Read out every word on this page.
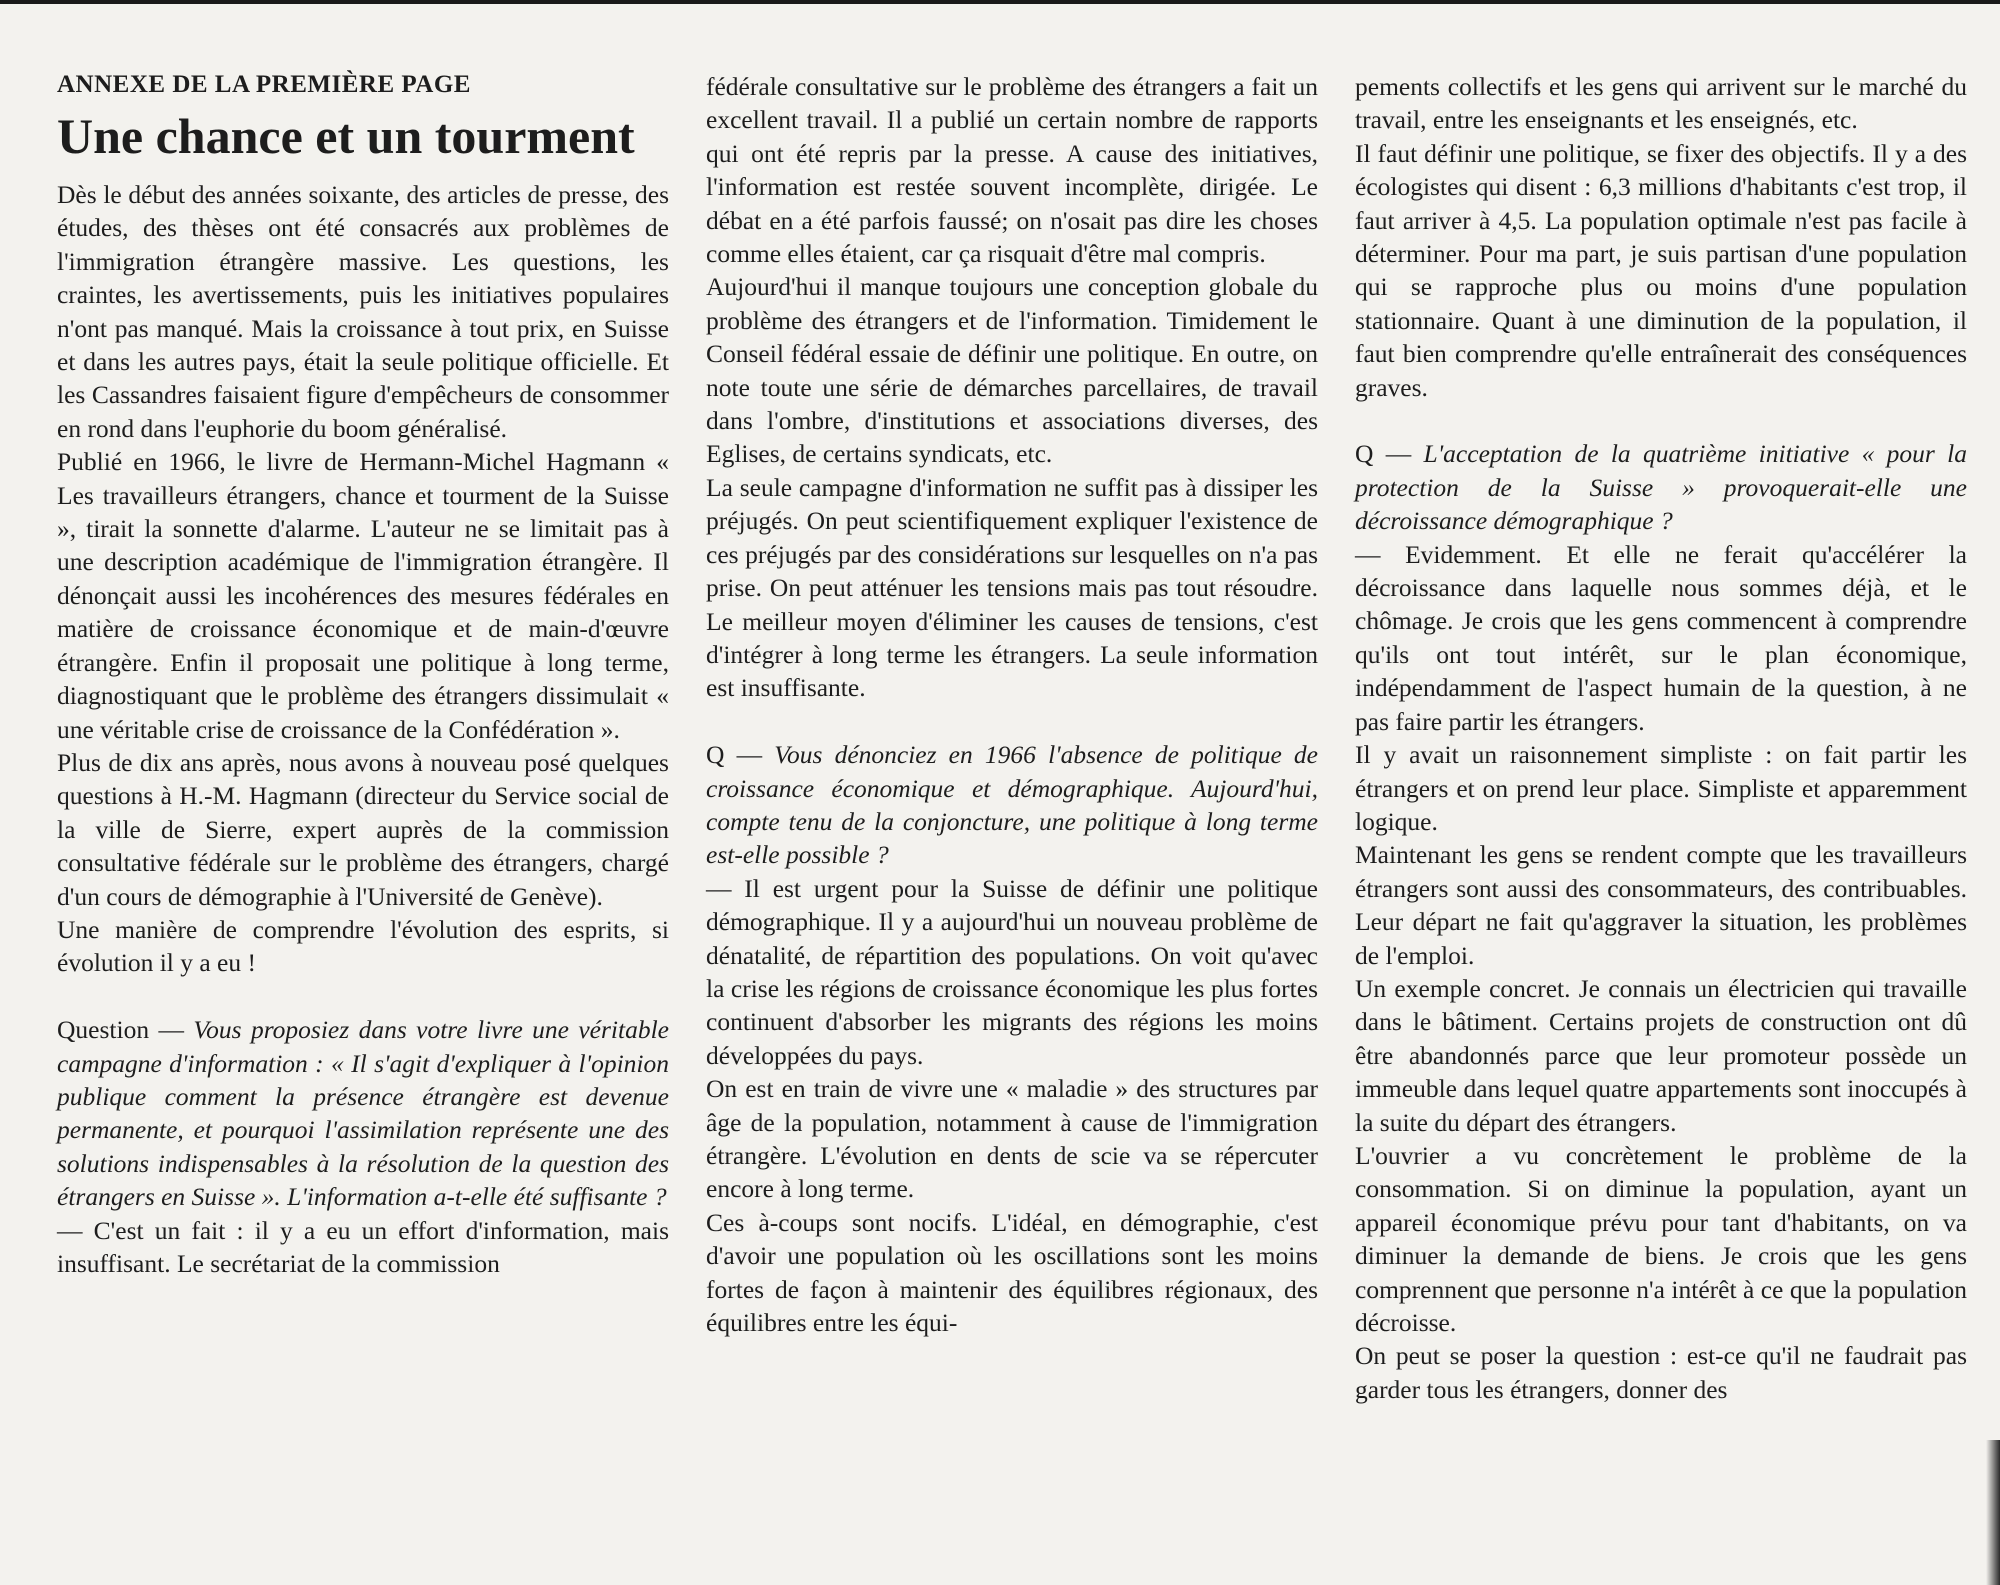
ANNEXE DE LA PREMIÈRE PAGE
Une chance et un tourment

Dès le début des années soixante, des articles de presse, des études, des thèses ont été consacrés aux problèmes de l'immigration étrangère massive. Les questions, les craintes, les avertissements, puis les initiatives populaires n'ont pas manqué. Mais la croissance à tout prix, en Suisse et dans les autres pays, était la seule politique officielle. Et les Cassandres faisaient figure d'empêcheurs de consommer en rond dans l'euphorie du boom généralisé.

Publié en 1966, le livre de Hermann-Michel Hagmann « Les travailleurs étrangers, chance et tourment de la Suisse », tirait la sonnette d'alarme. L'auteur ne se limitait pas à une description académique de l'immigration étrangère. Il dénonçait aussi les incohérences des mesures fédérales en matière de croissance économique et de main-d'œuvre étrangère. Enfin il proposait une politique à long terme, diagnostiquant que le problème des étrangers dissimulait « une véritable crise de croissance de la Confédération ».

Plus de dix ans après, nous avons à nouveau posé quelques questions à H.-M. Hagmann (directeur du Service social de la ville de Sierre, expert auprès de la commission consultative fédérale sur le problème des étrangers, chargé d'un cours de démographie à l'Université de Genève).

Une manière de comprendre l'évolution des esprits, si évolution il y a eu !

Question — Vous proposiez dans votre livre une véritable campagne d'information : « Il s'agit d'expliquer à l'opinion publique comment la présence étrangère est devenue permanente, et pourquoi l'assimilation représente une des solutions indispensables à la résolution de la question des étrangers en Suisse ». L'information a-t-elle été suffisante ?

— C'est un fait : il y a eu un effort d'information, mais insuffisant. Le secrétariat de la commission

fédérale consultative sur le problème des étrangers a fait un excellent travail. Il a publié un certain nombre de rapports qui ont été repris par la presse. A cause des initiatives, l'information est restée souvent incomplète, dirigée. Le débat en a été parfois faussé; on n'osait pas dire les choses comme elles étaient, car ça risquait d'être mal compris.

Aujourd'hui il manque toujours une conception globale du problème des étrangers et de l'information. Timidement le Conseil fédéral essaie de définir une politique. En outre, on note toute une série de démarches parcellaires, de travail dans l'ombre, d'institutions et associations diverses, des Eglises, de certains syndicats, etc.

La seule campagne d'information ne suffit pas à dissiper les préjugés. On peut scientifiquement expliquer l'existence de ces préjugés par des considérations sur lesquelles on n'a pas prise. On peut atténuer les tensions mais pas tout résoudre. Le meilleur moyen d'éliminer les causes de tensions, c'est d'intégrer à long terme les étrangers. La seule information est insuffisante.

Q — Vous dénonciez en 1966 l'absence de politique de croissance économique et démographique. Aujourd'hui, compte tenu de la conjoncture, une politique à long terme est-elle possible ?

— Il est urgent pour la Suisse de définir une politique démographique. Il y a aujourd'hui un nouveau problème de dénatalité, de répartition des populations. On voit qu'avec la crise les régions de croissance économique les plus fortes continuent d'absorber les migrants des régions les moins développées du pays.

On est en train de vivre une « maladie » des structures par âge de la population, notamment à cause de l'immigration étrangère. L'évolution en dents de scie va se répercuter encore à long terme.

Ces à-coups sont nocifs. L'idéal, en démographie, c'est d'avoir une population où les oscillations sont les moins fortes de façon à maintenir des équilibres régionaux, des équilibres entre les équi-

pements collectifs et les gens qui arrivent sur le marché du travail, entre les enseignants et les enseignés, etc.

Il faut définir une politique, se fixer des objectifs. Il y a des écologistes qui disent : 6,3 millions d'habitants c'est trop, il faut arriver à 4,5. La population optimale n'est pas facile à déterminer. Pour ma part, je suis partisan d'une population qui se rapproche plus ou moins d'une population stationnaire. Quant à une diminution de la population, il faut bien comprendre qu'elle entraînerait des conséquences graves.

Q — L'acceptation de la quatrième initiative « pour la protection de la Suisse » provoquerait-elle une décroissance démographique ?

— Evidemment. Et elle ne ferait qu'accélérer la décroissance dans laquelle nous sommes déjà, et le chômage. Je crois que les gens commencent à comprendre qu'ils ont tout intérêt, sur le plan économique, indépendamment de l'aspect humain de la question, à ne pas faire partir les étrangers.

Il y avait un raisonnement simpliste : on fait partir les étrangers et on prend leur place. Simpliste et apparemment logique.

Maintenant les gens se rendent compte que les travailleurs étrangers sont aussi des consommateurs, des contribuables. Leur départ ne fait qu'aggraver la situation, les problèmes de l'emploi.

Un exemple concret. Je connais un électricien qui travaille dans le bâtiment. Certains projets de construction ont dû être abandonnés parce que leur promoteur possède un immeuble dans lequel quatre appartements sont inoccupés à la suite du départ des étrangers.

L'ouvrier a vu concrètement le problème de la consommation. Si on diminue la population, ayant un appareil économique prévu pour tant d'habitants, on va diminuer la demande de biens. Je crois que les gens comprennent que personne n'a intérêt à ce que la population décroisse.

On peut se poser la question : est-ce qu'il ne faudrait pas garder tous les étrangers, donner des
